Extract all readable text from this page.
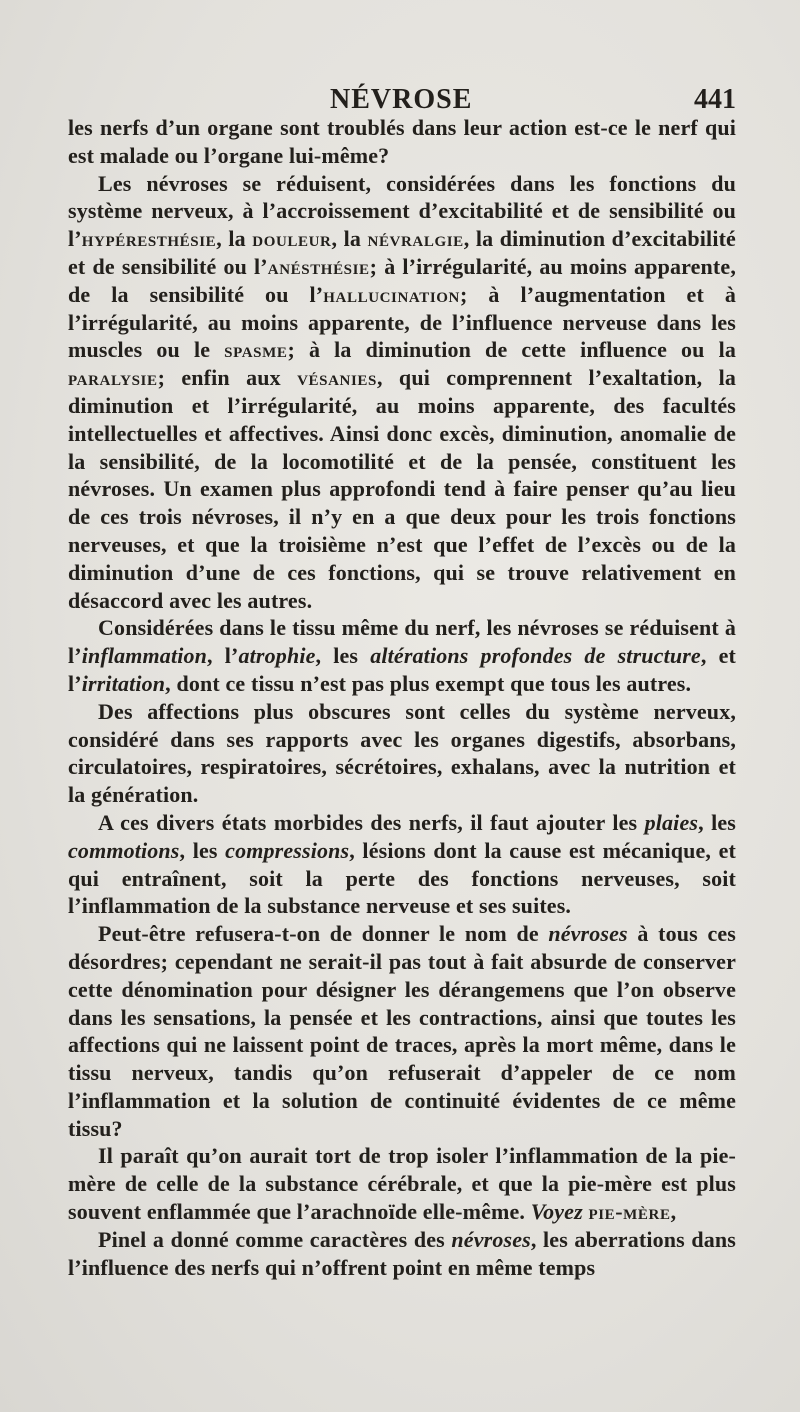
NÉVROSE	441

les nerfs d’un organe sont troublés dans leur action est-ce le nerf qui est malade ou l’organe lui-même?

Les névroses se réduisent, considérées dans les fonctions du système nerveux, à l’accroissement d’excitabilité et de sensibilité ou l’hypéresthésie, la douleur, la névralgie, la diminution d’excitabilité et de sensibilité ou l’anésthésie; à l’irrégularité, au moins apparente, de la sensibilité ou l’hallucination; à l’augmentation et à l’irrégularité, au moins apparente, de l’influence nerveuse dans les muscles ou le spasme; à la diminution de cette influence ou la paralysie; enfin aux vésanies, qui comprennent l’exaltation, la diminution et l’irrégularité, au moins apparente, des facultés intellectuelles et affectives. Ainsi donc excès, diminution, anomalie de la sensibilité, de la locomotilité et de la pensée, constituent les névroses. Un examen plus approfondi tend à faire penser qu’au lieu de ces trois névroses, il n’y en a que deux pour les trois fonctions nerveuses, et que la troisième n’est que l’effet de l’excès ou de la diminution d’une de ces fonctions, qui se trouve relativement en désaccord avec les autres.

Considérées dans le tissu même du nerf, les névroses se réduisent à l’inflammation, l’atrophie, les altérations profondes de structure, et l’irritation, dont ce tissu n’est pas plus exempt que tous les autres.

Des affections plus obscures sont celles du système nerveux, considéré dans ses rapports avec les organes digestifs, absorbans, circulatoires, respiratoires, sécrétoires, exhalans, avec la nutrition et la génération.

A ces divers états morbides des nerfs, il faut ajouter les plaies, les commotions, les compressions, lésions dont la cause est mécanique, et qui entraînent, soit la perte des fonctions nerveuses, soit l’inflammation de la substance nerveuse et ses suites.

Peut-être refusera-t-on de donner le nom de névroses à tous ces désordres; cependant ne serait-il pas tout à fait absurde de conserver cette dénomination pour désigner les dérangemens que l’on observe dans les sensations, la pensée et les contractions, ainsi que toutes les affections qui ne laissent point de traces, après la mort même, dans le tissu nerveux, tandis qu’on refuserait d’appeler de ce nom l’inflammation et la solution de continuité évidentes de ce même tissu?

Il paraît qu’on aurait tort de trop isoler l’inflammation de la pie-mère de celle de la substance cérébrale, et que la pie-mère est plus souvent enflammée que l’arachnoïde elle-même. Voyez pie-mère,

Pinel a donné comme caractères des névroses, les aberrations dans l’influence des nerfs qui n’offrent point en même temps
